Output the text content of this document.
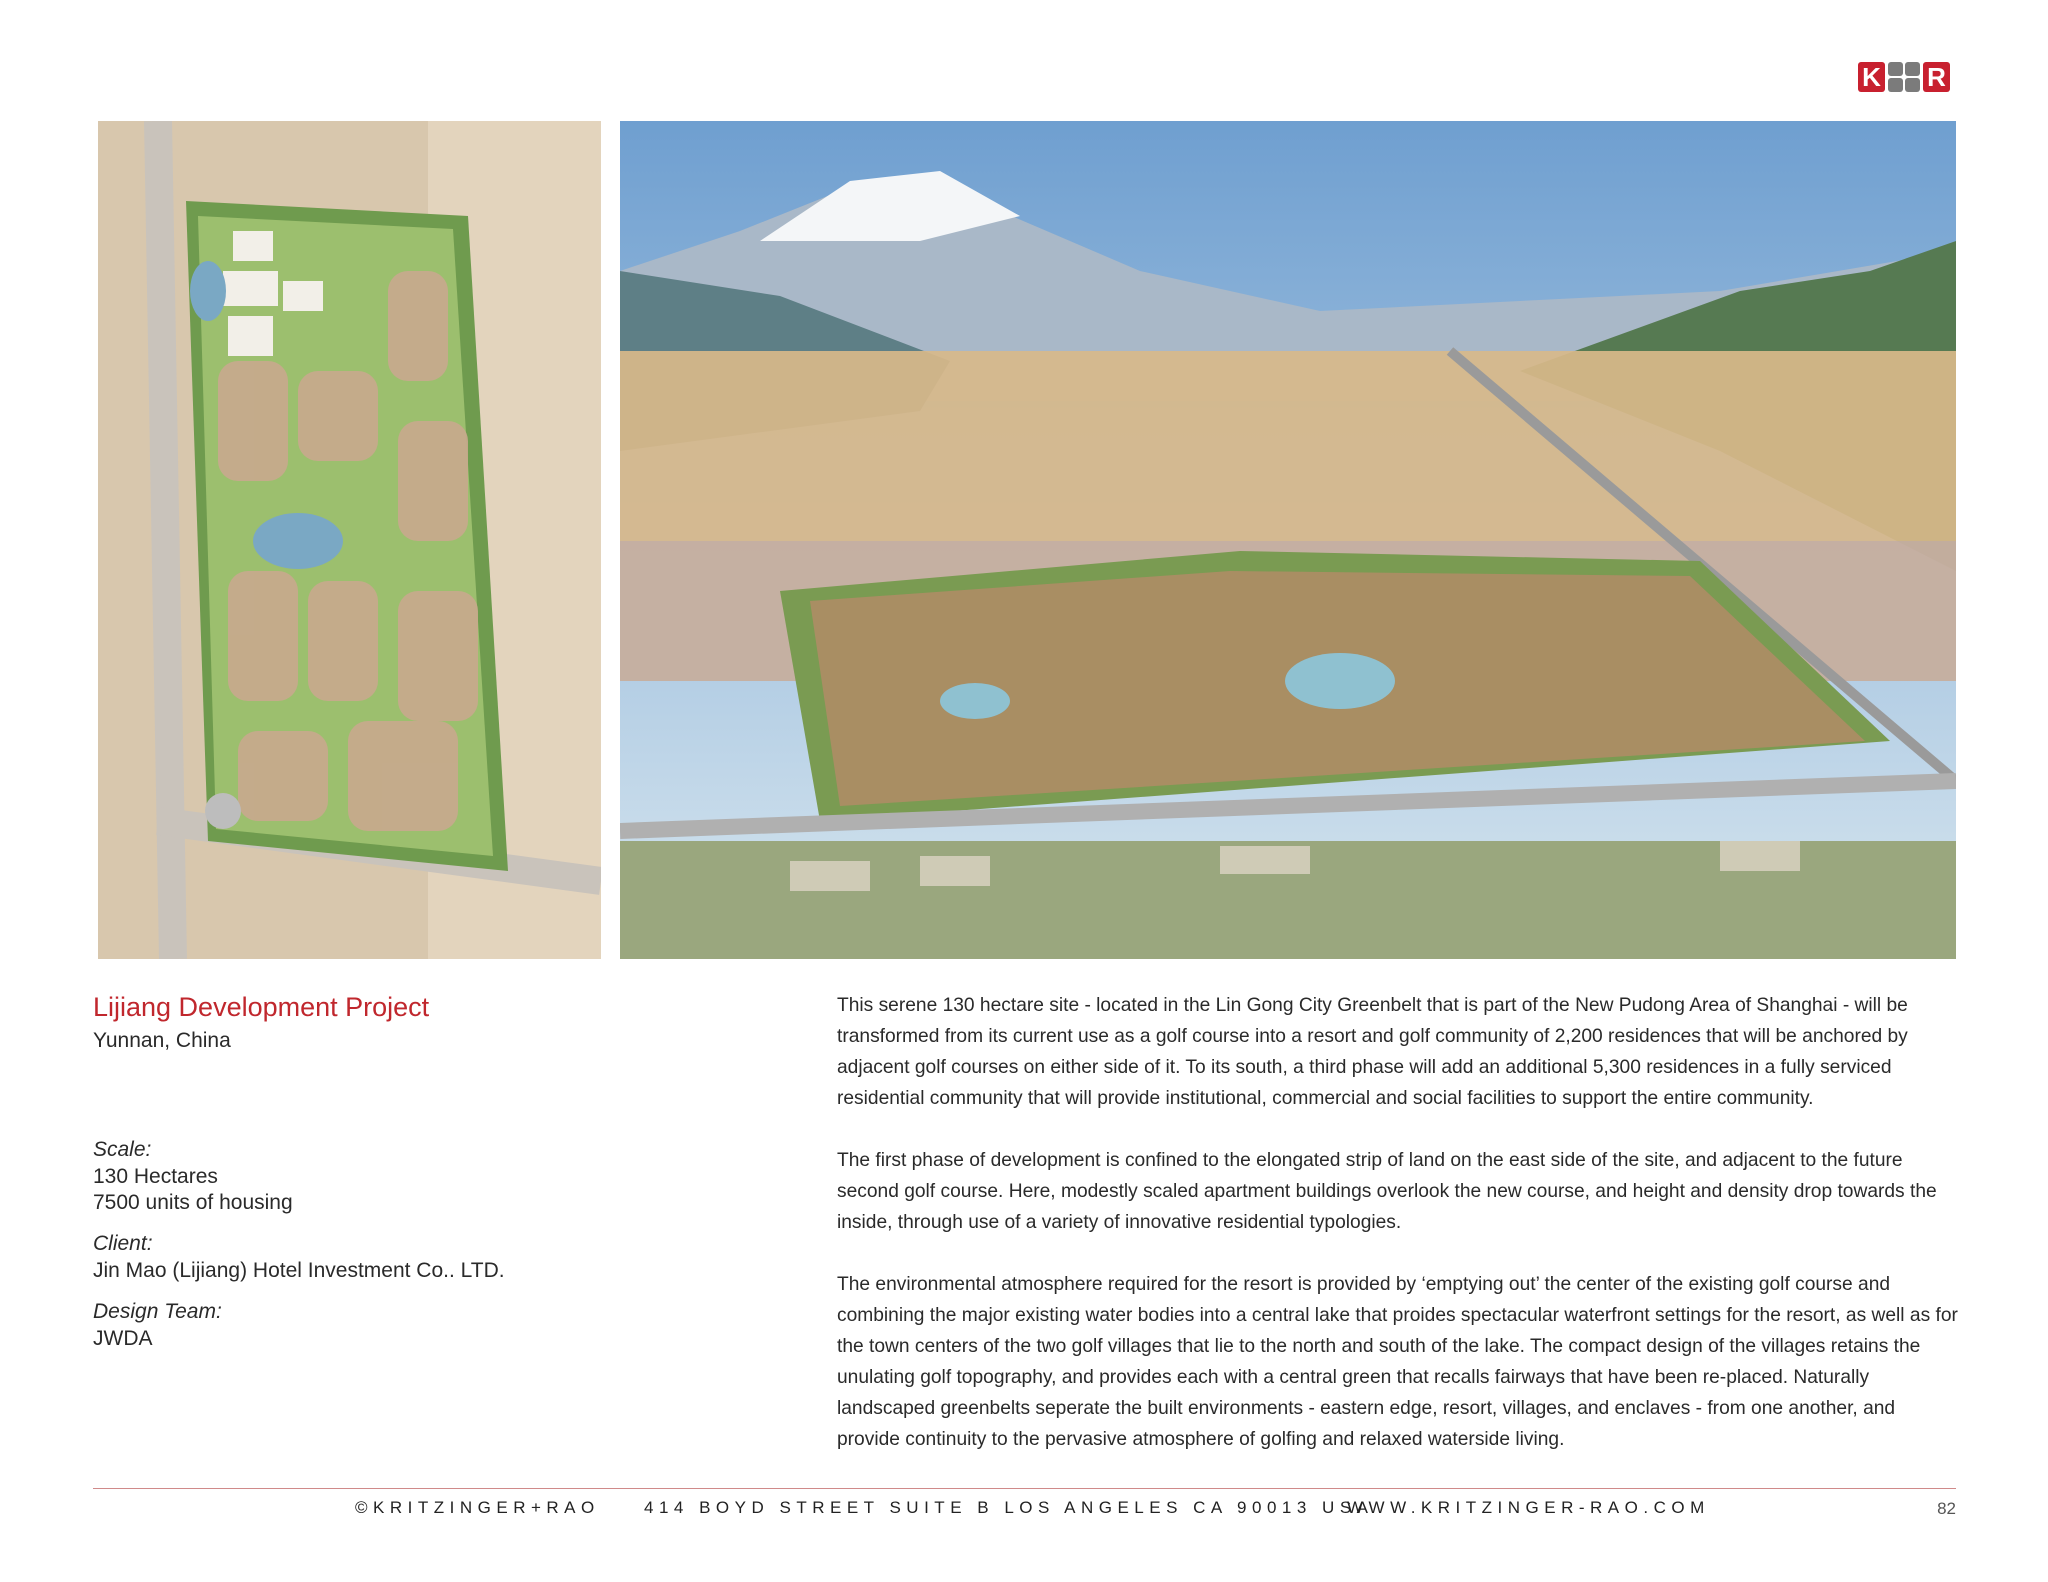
K R

Lijiang Development Project

Yunnan, China

Scale:

130 Hectares

7500 units of housing

Client:

Jin Mao (Lijiang) Hotel Investment Co.. LTD.

Design Team:

JWDA

This serene 130 hectare site - located in the Lin Gong City Greenbelt that is part of the New Pudong Area of Shanghai - will be transformed from its current use as a golf course into a resort and golf community of 2,200 residences that will be anchored by adjacent golf courses on either side of it. To its south, a third phase will add an additional 5,300 residences in a fully serviced residential community that will provide institutional, commercial and social facilities to support the entire community.

The first phase of development is confined to the elongated strip of land on the east side of the site, and adjacent to the future second golf course. Here, modestly scaled apartment buildings overlook the new course, and height and density drop towards the inside, through use of a variety of innovative residential typologies.

The environmental atmosphere required for the resort is provided by ‘emptying out’ the center of the existing golf course and combining the major existing water bodies into a central lake that proides spectacular waterfront settings for the resort, as well as for the town centers of the two golf villages that lie to the north and south of the lake. The compact design of the villages retains the unulating golf topography, and provides each with a central green that recalls fairways that have been re-placed. Naturally landscaped greenbelts seperate the built environments - eastern edge, resort, villages, and enclaves - from one another, and provide continuity to the pervasive atmosphere of golfing and relaxed waterside living.

©KRITZINGER+RAO	414 BOYD STREET SUITE B LOS ANGELES CA 90013 USA
WWW.KRITZINGER-RAO.COM	82
